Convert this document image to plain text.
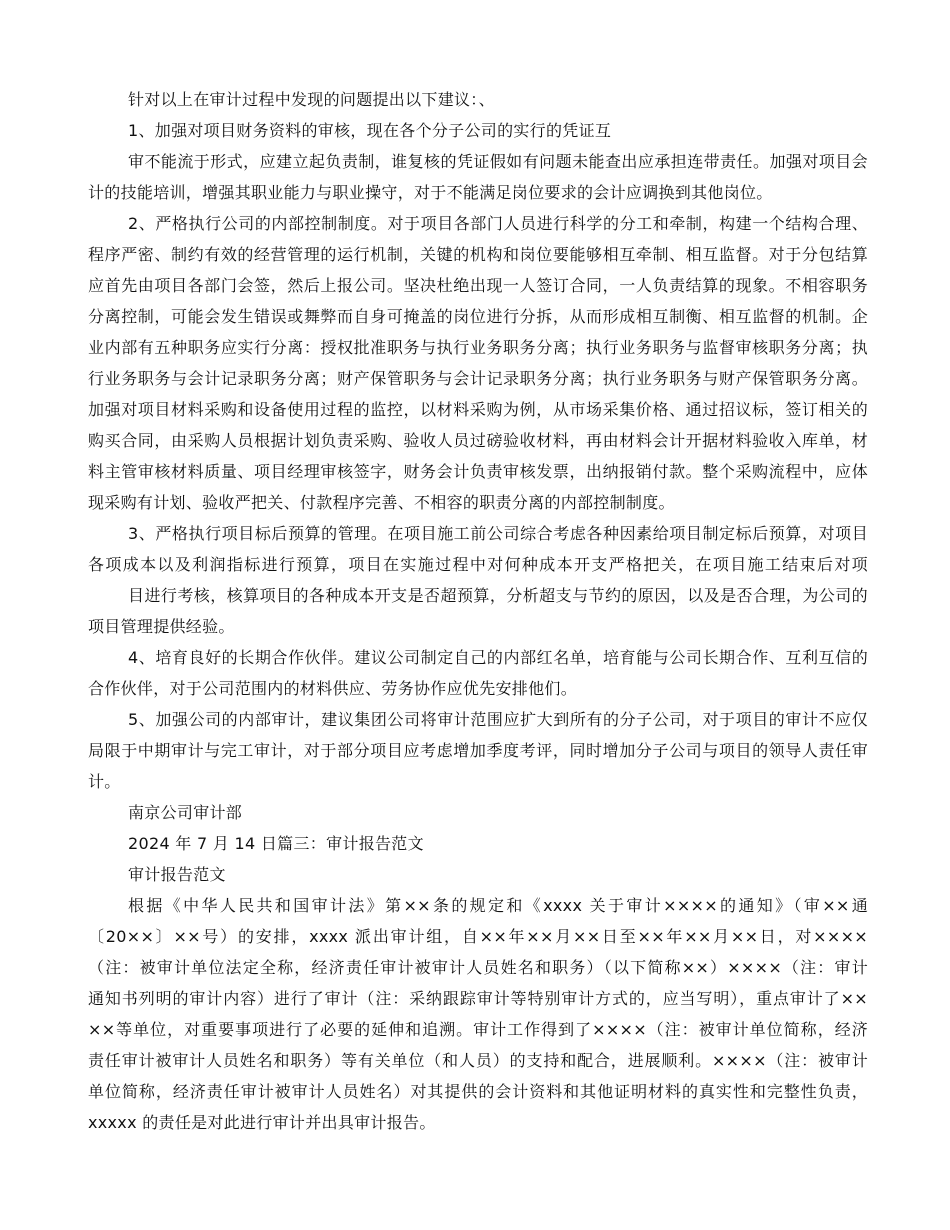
针对以上在审计过程中发现的问题提出以下建议：、
1、加强对项目财务资料的审核，现在各个分子公司的实行的凭证互
审不能流于形式，应建立起负责制，谁复核的凭证假如有问题未能查出应承担连带责任。加强对项目会
计的技能培训，增强其职业能力与职业操守，对于不能满足岗位要求的会计应调换到其他岗位。
2、严格执行公司的内部控制制度。对于项目各部门人员进行科学的分工和牵制，构建一个结构合理、
程序严密、制约有效的经营管理的运行机制，关键的机构和岗位要能够相互牵制、相互监督。对于分包结算
应首先由项目各部门会签，然后上报公司。坚决杜绝出现一人签订合同，一人负责结算的现象。不相容职务
分离控制，可能会发生错误或舞弊而自身可掩盖的岗位进行分拆，从而形成相互制衡、相互监督的机制。企
业内部有五种职务应实行分离：授权批准职务与执行业务职务分离；执行业务职务与监督审核职务分离；执
行业务职务与会计记录职务分离；财产保管职务与会计记录职务分离；执行业务职务与财产保管职务分离。
加强对项目材料采购和设备使用过程的监控，以材料采购为例，从市场采集价格、通过招议标，签订相关的
购买合同，由采购人员根据计划负责采购、验收人员过磅验收材料，再由材料会计开据材料验收入库单，材
料主管审核材料质量、项目经理审核签字，财务会计负责审核发票，出纳报销付款。整个采购流程中，应体
现采购有计划、验收严把关、付款程序完善、不相容的职责分离的内部控制制度。
3、严格执行项目标后预算的管理。在项目施工前公司综合考虑各种因素给项目制定标后预算，对项目
各项成本以及利润指标进行预算，项目在实施过程中对何种成本开支严格把关，在项目施工结束后对项
目进行考核，核算项目的各种成本开支是否超预算，分析超支与节约的原因，以及是否合理，为公司的
项目管理提供经验。
4、培育良好的长期合作伙伴。建议公司制定自己的内部红名单，培育能与公司长期合作、互利互信的
合作伙伴，对于公司范围内的材料供应、劳务协作应优先安排他们。
5、加强公司的内部审计，建议集团公司将审计范围应扩大到所有的分子公司，对于项目的审计不应仅
局限于中期审计与完工审计，对于部分项目应考虑增加季度考评，同时增加分子公司与项目的领导人责任审
计。
南京公司审计部
2024 年 7 月 14 日篇三：审计报告范文
审计报告范文
根据《中华人民共和国审计法》第××条的规定和《xxxx 关于审计××××的通知》（审××通
〔20××〕××号）的安排，xxxx 派出审计组，自××年××月××日至××年××月××日，对××××
（注：被审计单位法定全称，经济责任审计被审计人员姓名和职务）（以下简称××）××××（注：审计
通知书列明的审计内容）进行了审计（注：采纳跟踪审计等特别审计方式的，应当写明），重点审计了××
××等单位，对重要事项进行了必要的延伸和追溯。审计工作得到了××××（注：被审计单位简称，经济
责任审计被审计人员姓名和职务）等有关单位（和人员）的支持和配合，进展顺利。××××（注：被审计
单位简称，经济责任审计被审计人员姓名）对其提供的会计资料和其他证明材料的真实性和完整性负责，
xxxxx 的责任是对此进行审计并出具审计报告。
